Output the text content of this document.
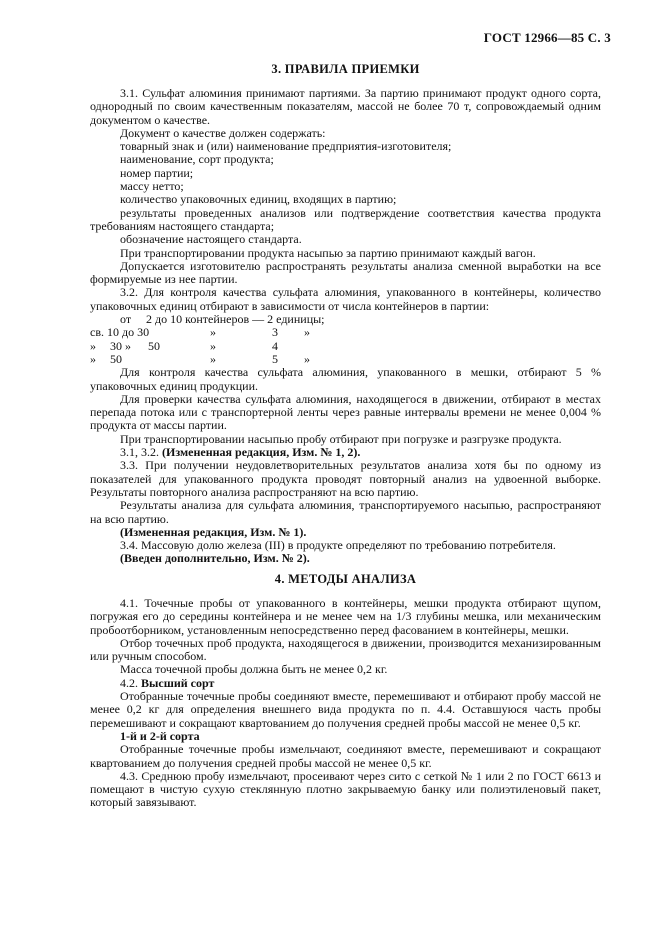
ГОСТ 12966—85 С. 3
3. ПРАВИЛА ПРИЕМКИ

3.1. Сульфат алюминия принимают партиями. За партию принимают продукт одного сорта, однородный по своим качественным показателям, массой не более 70 т, сопровождаемый одним документом о качестве.

Документ о качестве должен содержать:

товарный знак и (или) наименование предприятия-изготовителя;

наименование, сорт продукта;

номер партии;

массу нетто;

количество упаковочных единиц, входящих в партию;

результаты проведенных анализов или подтверждение соответствия качества продукта требованиям настоящего стандарта;

обозначение настоящего стандарта.

При транспортировании продукта насыпью за партию принимают каждый вагон.

Допускается изготовителю распространять результаты анализа сменной выработки на все формируемые из нее партии.

3.2. Для контроля качества сульфата алюминия, упакованного в контейнеры, количество упаковочных единиц отбирают в зависимости от числа контейнеров в партии:

от 2 до 10 контейнеров — 2 единицы;
св. 10 до 30	»	3 »
» 30 » 50	»	4
» 50	»	5 »

Для контроля качества сульфата алюминия, упакованного в мешки, отбирают 5 % упаковочных единиц продукции.

Для проверки качества сульфата алюминия, находящегося в движении, отбирают в местах перепада потока или с транспортерной ленты через равные интервалы времени не менее 0,004 % продукта от массы партии.

При транспортировании насыпью пробу отбирают при погрузке и разгрузке продукта.

3.1, 3.2. (Измененная редакция, Изм. № 1, 2).

3.3. При получении неудовлетворительных результатов анализа хотя бы по одному из показателей для упакованного продукта проводят повторный анализ на удвоенной выборке. Результаты повторного анализа распространяют на всю партию.

Результаты анализа для сульфата алюминия, транспортируемого насыпью, распространяют на всю партию.

(Измененная редакция, Изм. № 1).

3.4. Массовую долю железа (III) в продукте определяют по требованию потребителя.

(Введен дополнительно, Изм. № 2).

4. МЕТОДЫ АНАЛИЗА

4.1. Точечные пробы от упакованного в контейнеры, мешки продукта отбирают щупом, погружая его до середины контейнера и не менее чем на 1/3 глубины мешка, или механическим пробоотборником, установленным непосредственно перед фасованием в контейнеры, мешки.

Отбор точечных проб продукта, находящегося в движении, производится механизированным или ручным способом.

Масса точечной пробы должна быть не менее 0,2 кг.

4.2. Высший сорт

Отобранные точечные пробы соединяют вместе, перемешивают и отбирают пробу массой не менее 0,2 кг для определения внешнего вида продукта по п. 4.4. Оставшуюся часть пробы перемешивают и сокращают квартованием до получения средней пробы массой не менее 0,5 кг.

1-й и 2-й сорта

Отобранные точечные пробы измельчают, соединяют вместе, перемешивают и сокращают квартованием до получения средней пробы массой не менее 0,5 кг.

4.3. Среднюю пробу измельчают, просеивают через сито с сеткой № 1 или 2 по ГОСТ 6613 и помещают в чистую сухую стеклянную плотно закрываемую банку или полиэтиленовый пакет, который завязывают.
